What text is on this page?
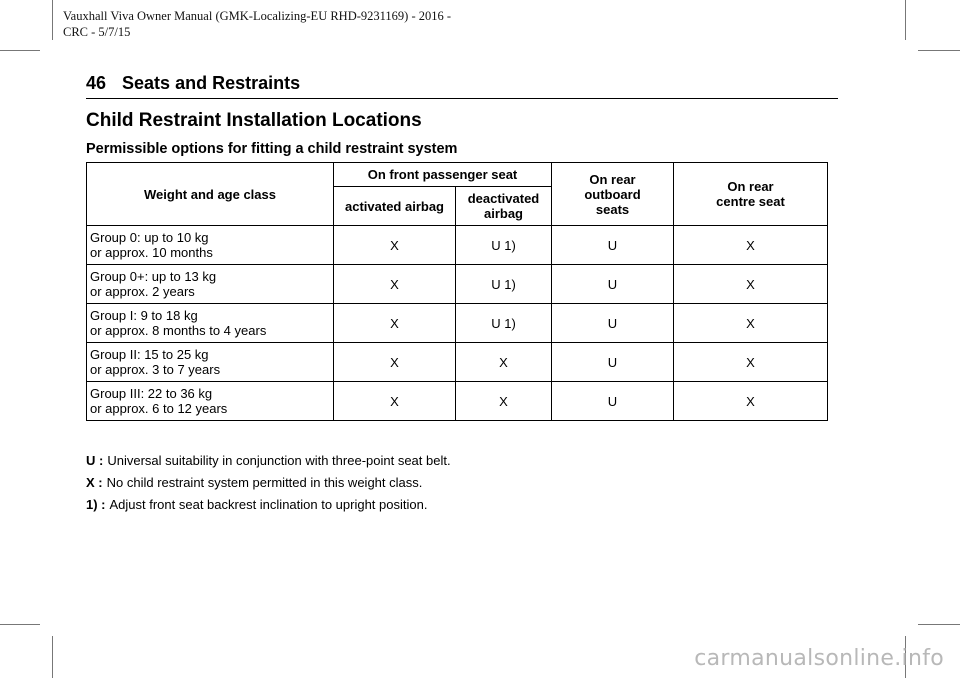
Vauxhall Viva Owner Manual (GMK-Localizing-EU RHD-9231169) - 2016 -
CRC - 5/7/15
46 Seats and Restraints
Child Restraint Installation Locations
Permissible options for fitting a child restraint system
Weight and age class	On front passenger seat		On rear outboard seats	On rear centre seat

	activated airbag	deactivated airbag		

Group 0: up to 10 kg
or approx. 10 months	X	U 1)	U	X

Group 0+: up to 13 kg
or approx. 2 years	X	U 1)	U	X

Group I: 9 to 18 kg
or approx. 8 months to 4 years	X	U 1)	U	X

Group II: 15 to 25 kg
or approx. 3 to 7 years	X	X	U	X

Group III: 22 to 36 kg
or approx. 6 to 12 years	X	X	U	X
U : Universal suitability in conjunction with three-point seat belt.
X : No child restraint system permitted in this weight class.
1) : Adjust front seat backrest inclination to upright position.
carmanualsonline.info
